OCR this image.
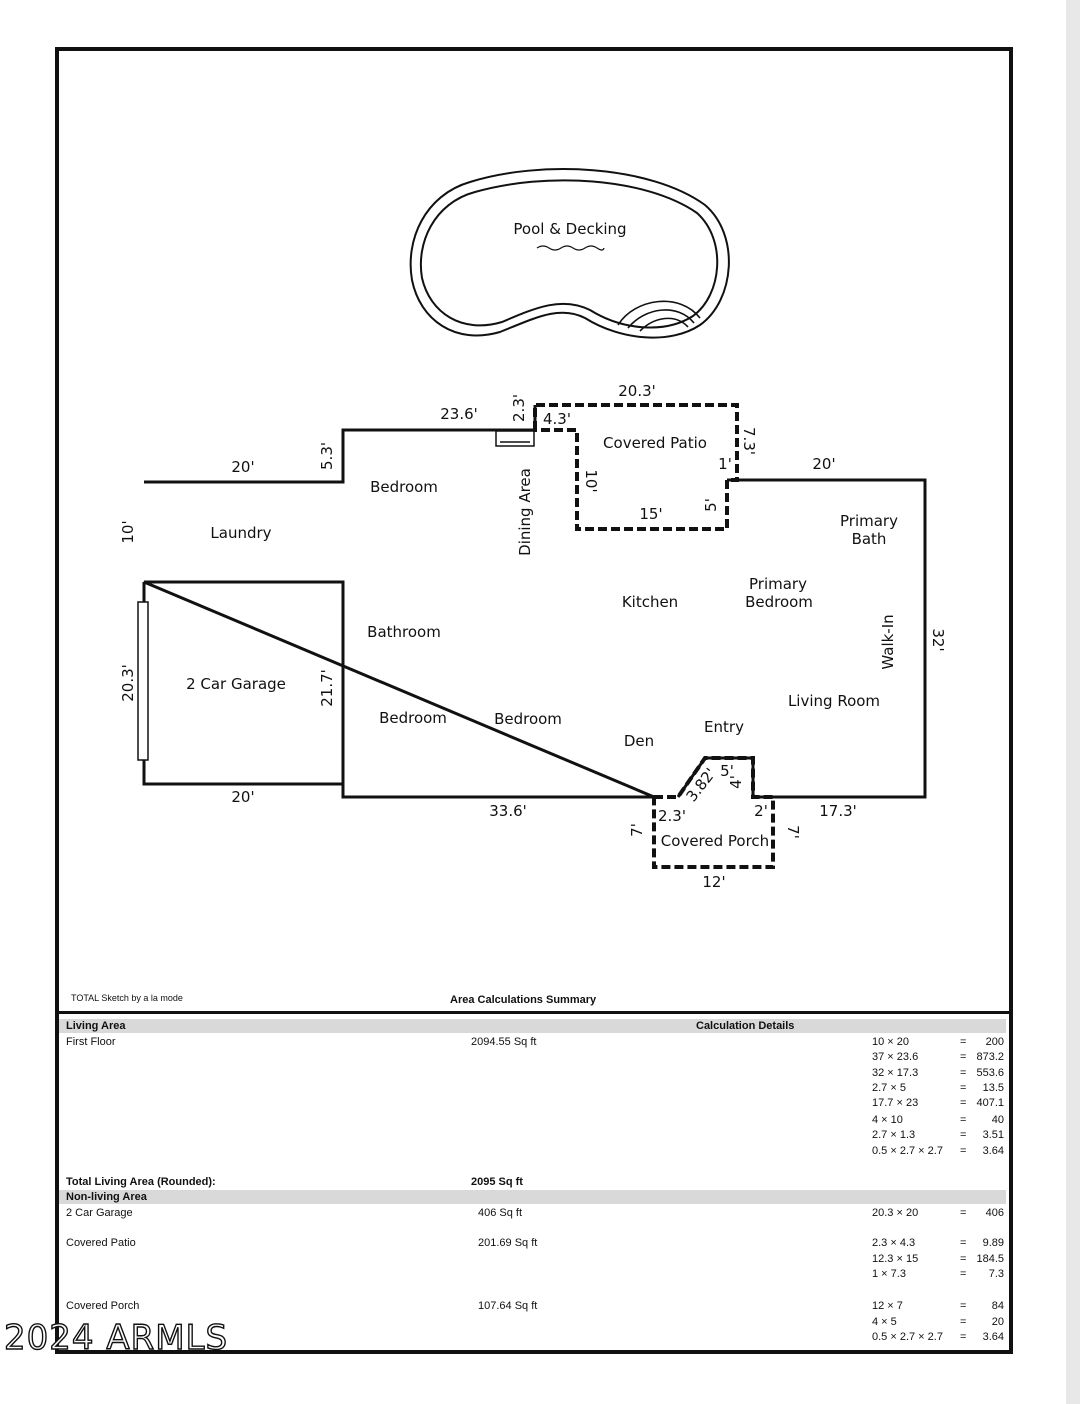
Pool & Decking
Laundry
Bedroom	Dining Area
Covered Patio
Primary
Bath
2 Car Garage
Bathroom
Kitchen
Primary
Bedroom
Walk-In
Living Room
Bedroom	Bedroom	Entry
Den
Covered Porch
20.3'
23.6' 2.3' 4.3'
7.3'
1'	20'
5.3'
20'
10'
10'
15'	5'
32'
20.3'	21.7'
20'
33.6'	17.3'
5'
4'
3.82'
2.3'	2'
7'	7'
12'
TOTAL Sketch by a la mode	Area Calculations Summary
Living Area	Calculation Details
First Floor	2094.55 Sq ft	10 × 20	= 200
37 × 23.6	= 873.2
32 × 17.3	= 553.6
2.7 × 5	= 13.5
17.7 × 23	= 407.1
4 × 10	= 40
2.7 × 1.3	= 3.51
0.5 × 2.7 × 2.7 = 3.64
Total Living Area (Rounded):	2095 Sq ft
Non-living Area
2 Car Garage	406 Sq ft	20.3 × 20	= 406
Covered Patio	201.69 Sq ft	2.3 × 4.3	= 9.89
12.3 × 15	= 184.5
1 × 7.3	= 7.3
Covered Porch	107.64 Sq ft	12 × 7	= 84
4 × 5	= 20
0.5 × 2.7 × 2.7 = 3.64
2024 ARMLS
